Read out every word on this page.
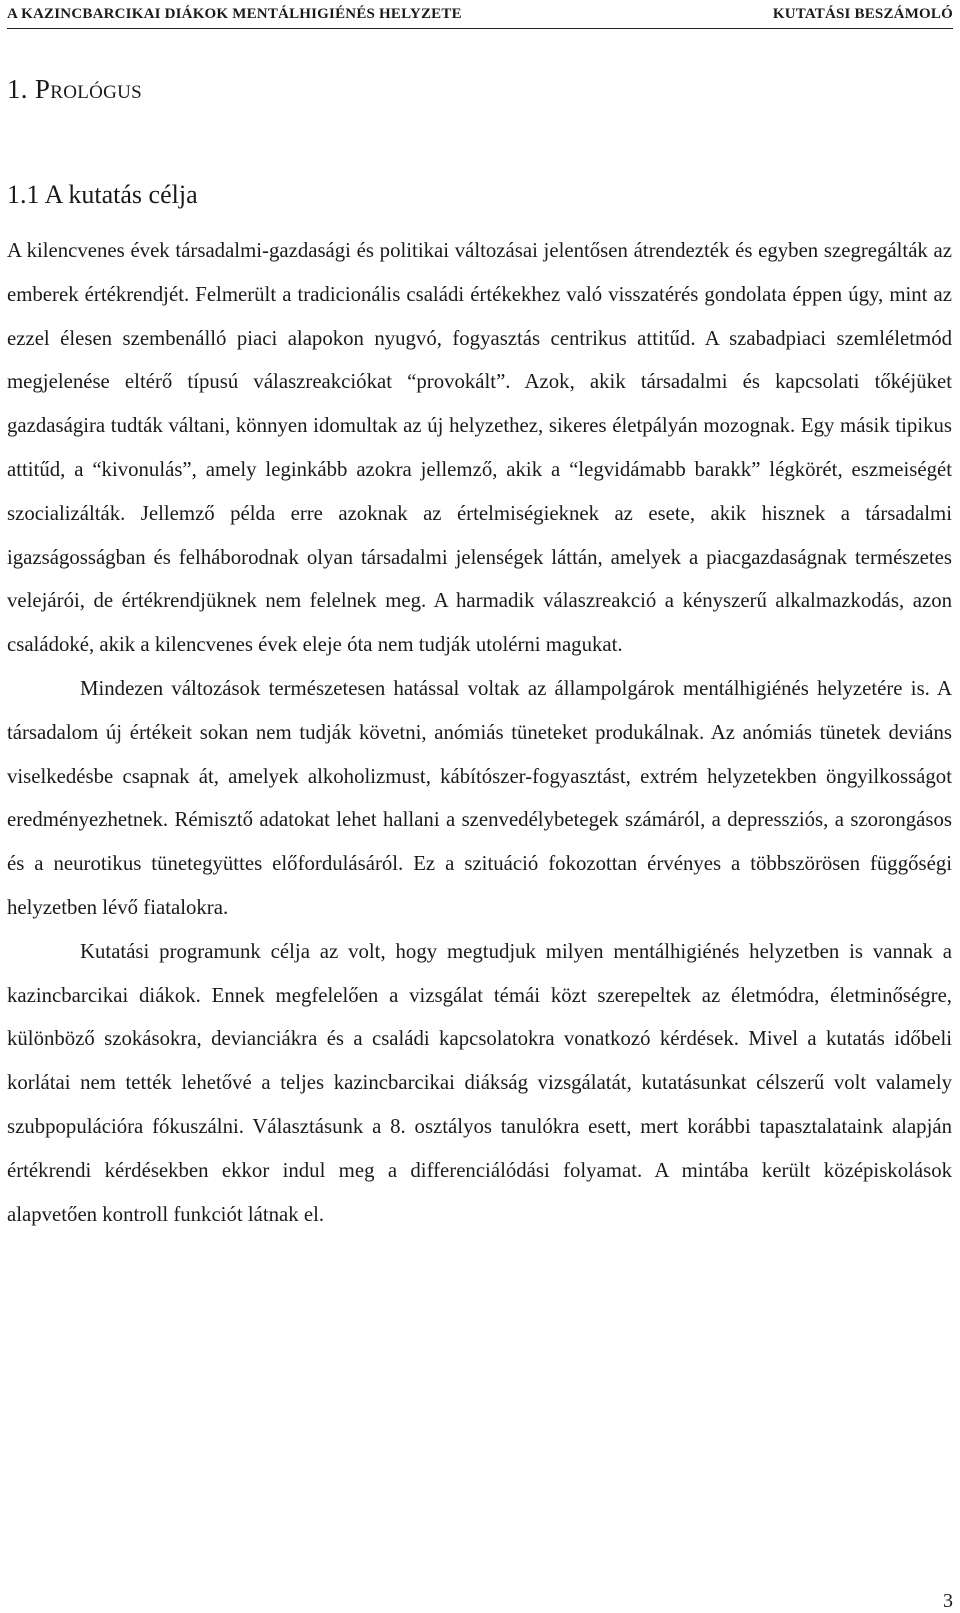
A KAZINCBARCIKAI DIÁKOK MENTÁLHIGIÉNÉS HELYZETE	KUTATÁSI BESZÁMOLÓ
1. Prológus
1.1 A kutatás célja

A kilencvenes évek társadalmi-gazdasági és politikai változásai jelentősen átrendezték és egyben szegregálták az emberek értékrendjét. Felmerült a tradicionális családi értékekhez való visszatérés gondolata éppen úgy, mint az ezzel élesen szembenálló piaci alapokon nyugvó, fogyasztás centrikus attitűd. A szabadpiaci szemléletmód megjelenése eltérő típusú válaszreakciókat “provokált”. Azok, akik társadalmi és kapcsolati tőkéjüket gazdaságira tudták váltani, könnyen idomultak az új helyzethez, sikeres életpályán mozognak. Egy másik tipikus attitűd, a “kivonulás”, amely leginkább azokra jellemző, akik a “legvidámabb barakk” légkörét, eszmeiségét szocializálták. Jellemző példa erre azoknak az értelmiségieknek az esete, akik hisznek a társadalmi igazságosságban és felháborodnak olyan társadalmi jelenségek láttán, amelyek a piacgazdaságnak természetes velejárói, de értékrendjüknek nem felelnek meg. A harmadik válaszreakció a kényszerű alkalmazkodás, azon családoké, akik a kilencvenes évek eleje óta nem tudják utolérni magukat.

Mindezen változások természetesen hatással voltak az állampolgárok mentálhigiénés helyzetére is. A társadalom új értékeit sokan nem tudják követni, anómiás tüneteket produkálnak. Az anómiás tünetek deviáns viselkedésbe csapnak át, amelyek alkoholizmust, kábítószer-fogyasztást, extrém helyzetekben öngyilkosságot eredményezhetnek. Rémisztő adatokat lehet hallani a szenvedélybetegek számáról, a depressziós, a szorongásos és a neurotikus tünetegyüttes előfordulásáról. Ez a szituáció fokozottan érvényes a többszörösen függőségi helyzetben lévő fiatalokra.

Kutatási programunk célja az volt, hogy megtudjuk milyen mentálhigiénés helyzetben is vannak a kazincbarcikai diákok. Ennek megfelelően a vizsgálat témái közt szerepeltek az életmódra, életminőségre, különböző szokásokra, devianciákra és a családi kapcsolatokra vonatkozó kérdések. Mivel a kutatás időbeli korlátai nem tették lehetővé a teljes kazincbarcikai diákság vizsgálatát, kutatásunkat célszerű volt valamely szubpopulációra fókuszálni. Választásunk a 8. osztályos tanulókra esett, mert korábbi tapasztalataink alapján értékrendi kérdésekben ekkor indul meg a differenciálódási folyamat. A mintába került középiskolások alapvetően kontroll funkciót látnak el.

3
